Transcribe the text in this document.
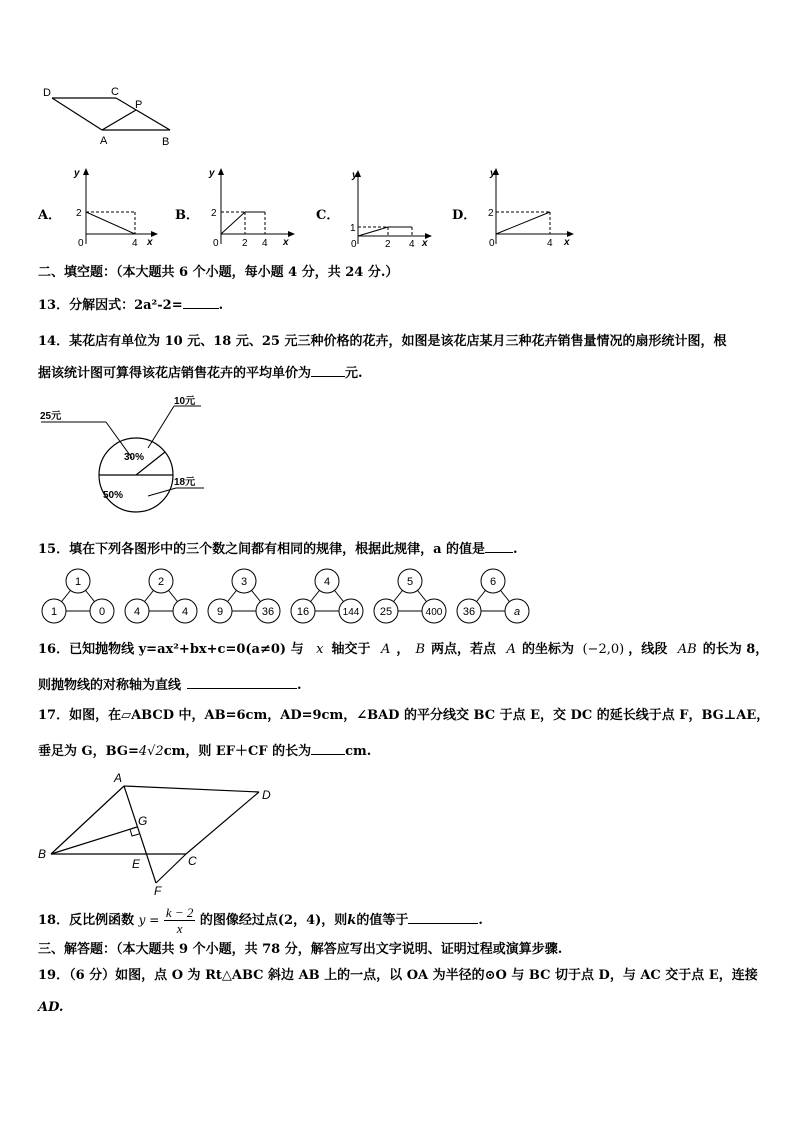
D	C
P
A	B
A．
y
2
0	4 x
B．
y
2
0 2 4 x
C．
y
1
0	2 4 x
D．
y
2
0	4 x
二、填空题：（本大题共 6 个小题，每小题 4 分，共 24 分.）
13．分解因式：2a²-2=	.
14．某花店有单位为 10 元、18 元、25 元三种价格的花卉，如图是该花店某月三种花卉销售量情况的扇形统计图，根
据该统计图可算得该花店销售花卉的平均单价为	元.
10元
25元
18元
30%
50%
15．填在下列各图形中的三个数之间都有相同的规律，根据此规律，a 的值是 .
1
1	0
2
4	4
3
9	36
4
16	144
5
25	400
6
36	a
16．已知抛物线 y=ax²+bx+c=0(a≠0) 与 x 轴交于 A ， B 两点，若点 A 的坐标为 (−2,0) ，线段 AB 的长为 8，
则抛物线的对称轴为直线	.
17．如图，在▱ABCD 中，AB=6cm，AD=9cm，∠BAD 的平分线交 BC 于点 E，交 DC 的延长线于点 F，BG⊥AE，
垂足为 G，BG=4√2cm，则 EF＋CF 的长为	cm.
A
D
G
B
E	C
F
18．反比例函数 $y = \frac{k - 2}{x}$ 的图像经过点(2，4)，则k的值等于	.
三、解答题：（本大题共 9 个小题，共 78 分，解答应写出文字说明、证明过程或演算步骤.
19．（6 分）如图，点 O 为 Rt△ABC 斜边 AB 上的一点，以 OA 为半径的⊙O 与 BC 切于点 D，与 AC 交于点 E，连接
AD.
